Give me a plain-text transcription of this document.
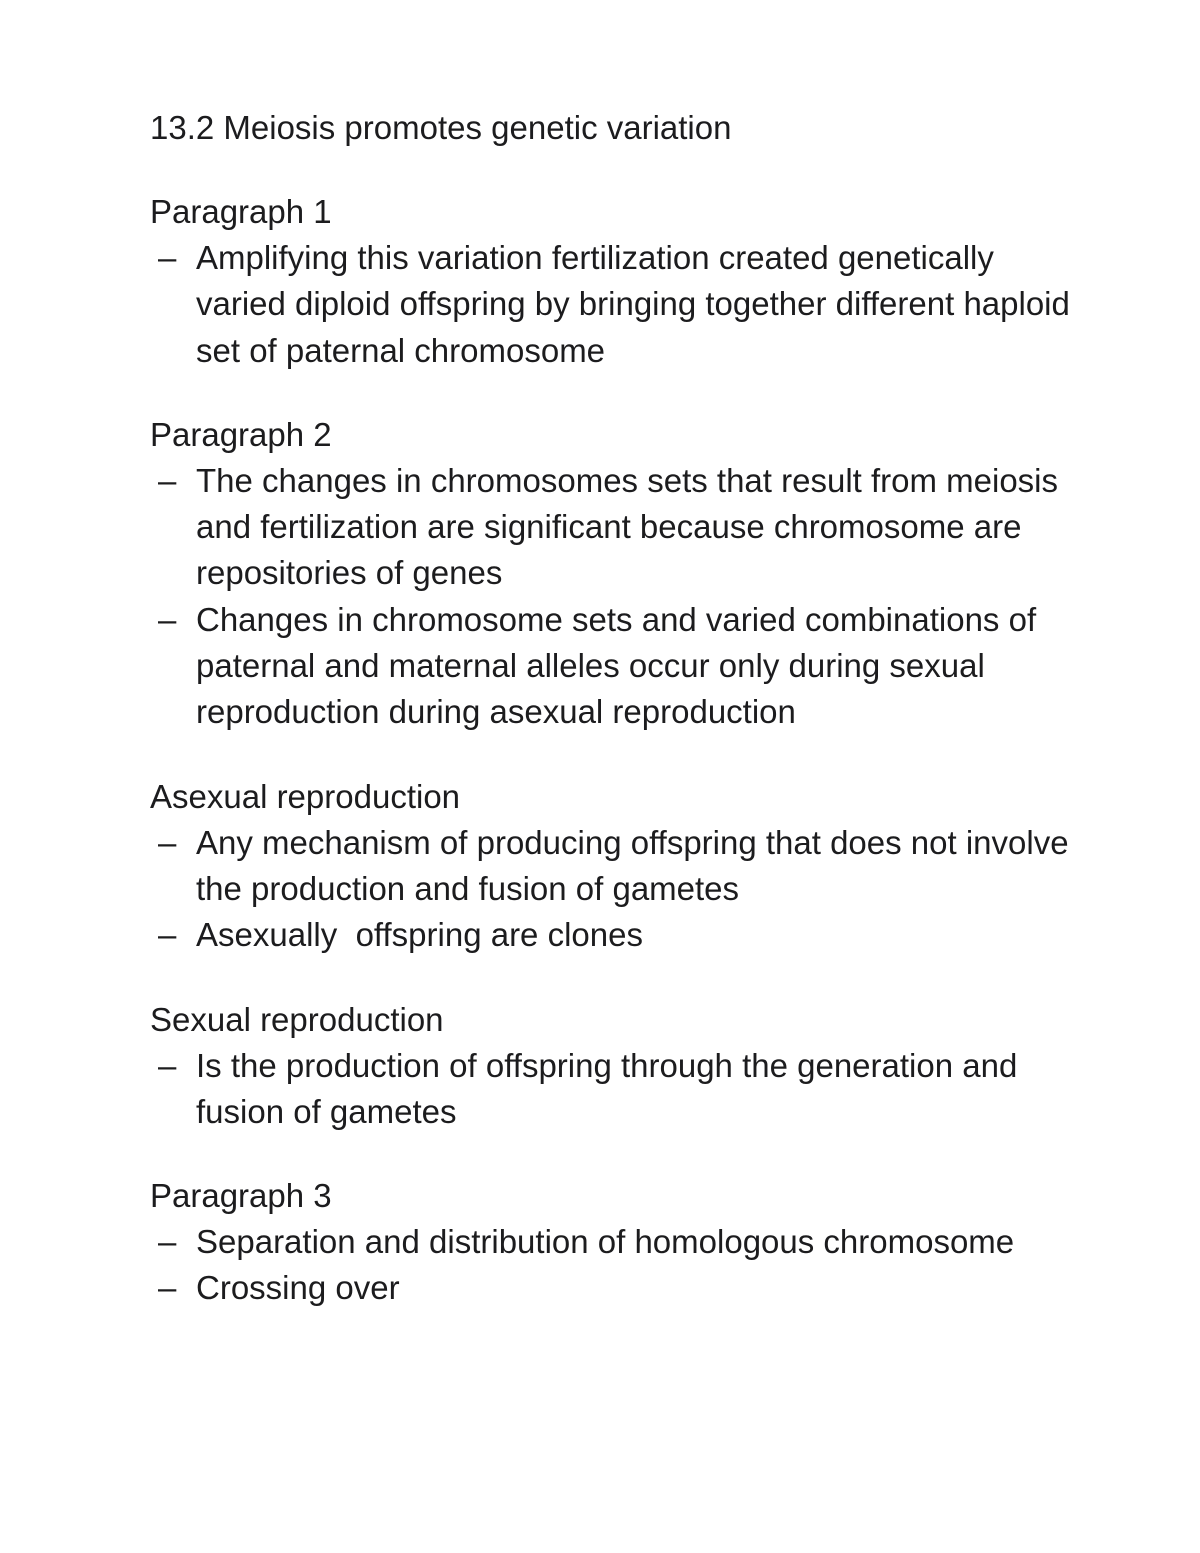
13.2 Meiosis promotes genetic variation
Paragraph 1
– Amplifying this variation fertilization created genetically varied diploid offspring by bringing together different haploid set of paternal chromosome
Paragraph 2
– The changes in chromosomes sets that result from meiosis and fertilization are significant because chromosome are repositories of genes
– Changes in chromosome sets and varied combinations of paternal and maternal alleles occur only during sexual reproduction during asexual reproduction
Asexual reproduction
– Any mechanism of producing offspring that does not involve the production and fusion of gametes
– Asexually  offspring are clones
Sexual reproduction
– Is the production of offspring through the generation and fusion of gametes
Paragraph 3
– Separation and distribution of homologous chromosome
– Crossing over
